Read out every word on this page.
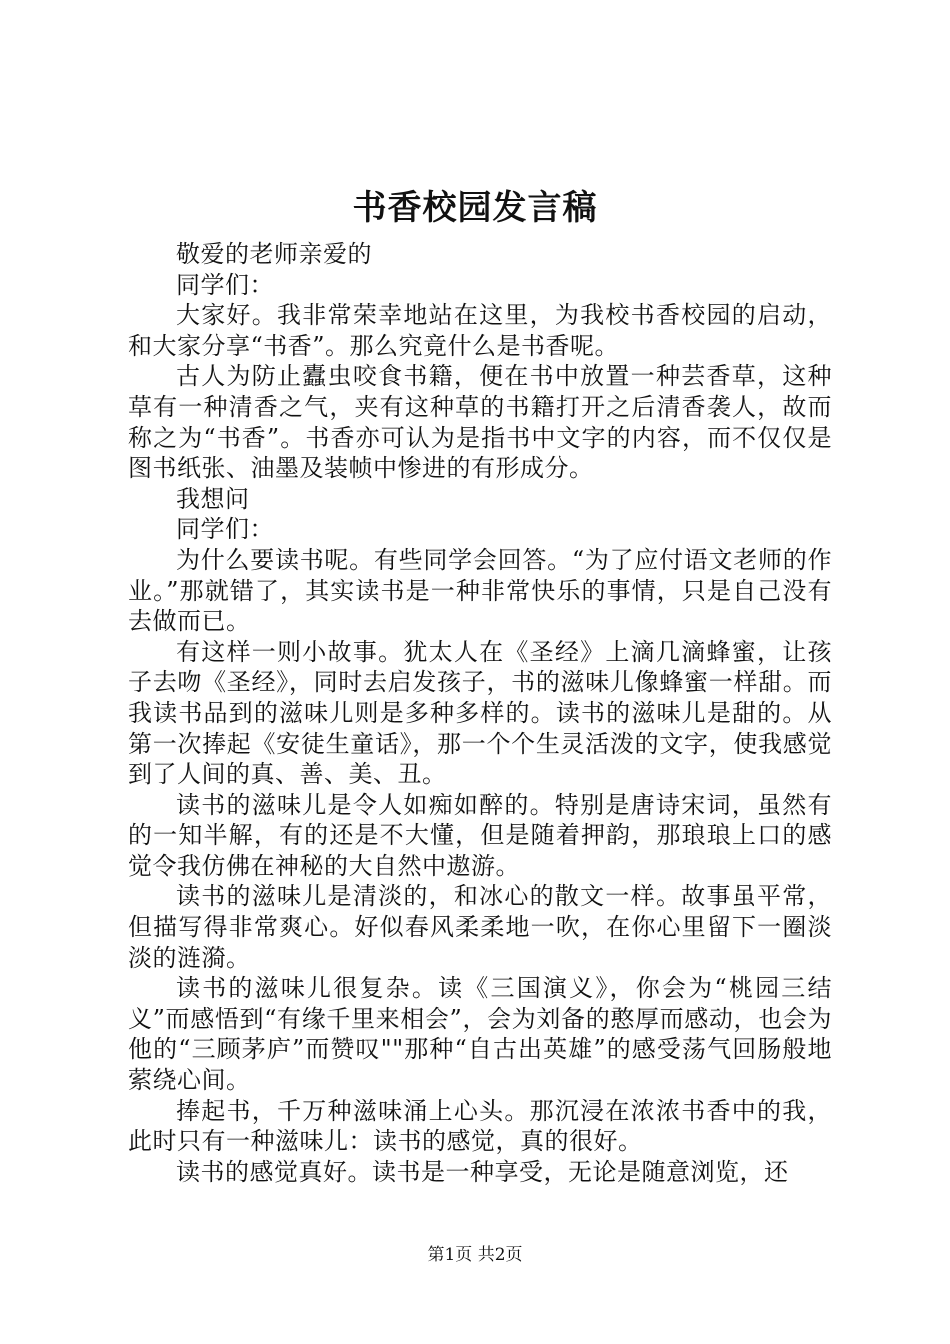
书香校园发言稿

敬爱的老师亲爱的

同学们：

大家好。我非常荣幸地站在这里，为我校书香校园的启动，和大家分享“书香”。那么究竟什么是书香呢。

古人为防止蠹虫咬食书籍，便在书中放置一种芸香草，这种草有一种清香之气，夹有这种草的书籍打开之后清香袭人，故而称之为“书香”。书香亦可认为是指书中文字的内容，而不仅仅是图书纸张、油墨及装帧中惨进的有形成分。

我想问

同学们：

为什么要读书呢。有些同学会回答。“为了应付语文老师的作业。”那就错了，其实读书是一种非常快乐的事情，只是自己没有去做而已。

有这样一则小故事。犹太人在《圣经》上滴几滴蜂蜜，让孩子去吻《圣经》，同时去启发孩子，书的滋味儿像蜂蜜一样甜。而我读书品到的滋味儿则是多种多样的。读书的滋味儿是甜的。从第一次捧起《安徒生童话》，那一个个生灵活泼的文字，使我感觉到了人间的真、善、美、丑。

读书的滋味儿是令人如痴如醉的。特别是唐诗宋词，虽然有的一知半解，有的还是不大懂，但是随着押韵，那琅琅上口的感觉令我仿佛在神秘的大自然中遨游。

读书的滋味儿是清淡的，和冰心的散文一样。故事虽平常，但描写得非常爽心。好似春风柔柔地一吹，在你心里留下一圈淡淡的涟漪。

读书的滋味儿很复杂。读《三国演义》，你会为“桃园三结义”而感悟到“有缘千里来相会”，会为刘备的憨厚而感动，也会为他的“三顾茅庐”而赞叹""那种“自古出英雄”的感受荡气回肠般地萦绕心间。

捧起书，千万种滋味涌上心头。那沉浸在浓浓书香中的我，此时只有一种滋味儿：读书的感觉，真的很好。

读书的感觉真好。读书是一种享受，无论是随意浏览，还

第1页 共2页
